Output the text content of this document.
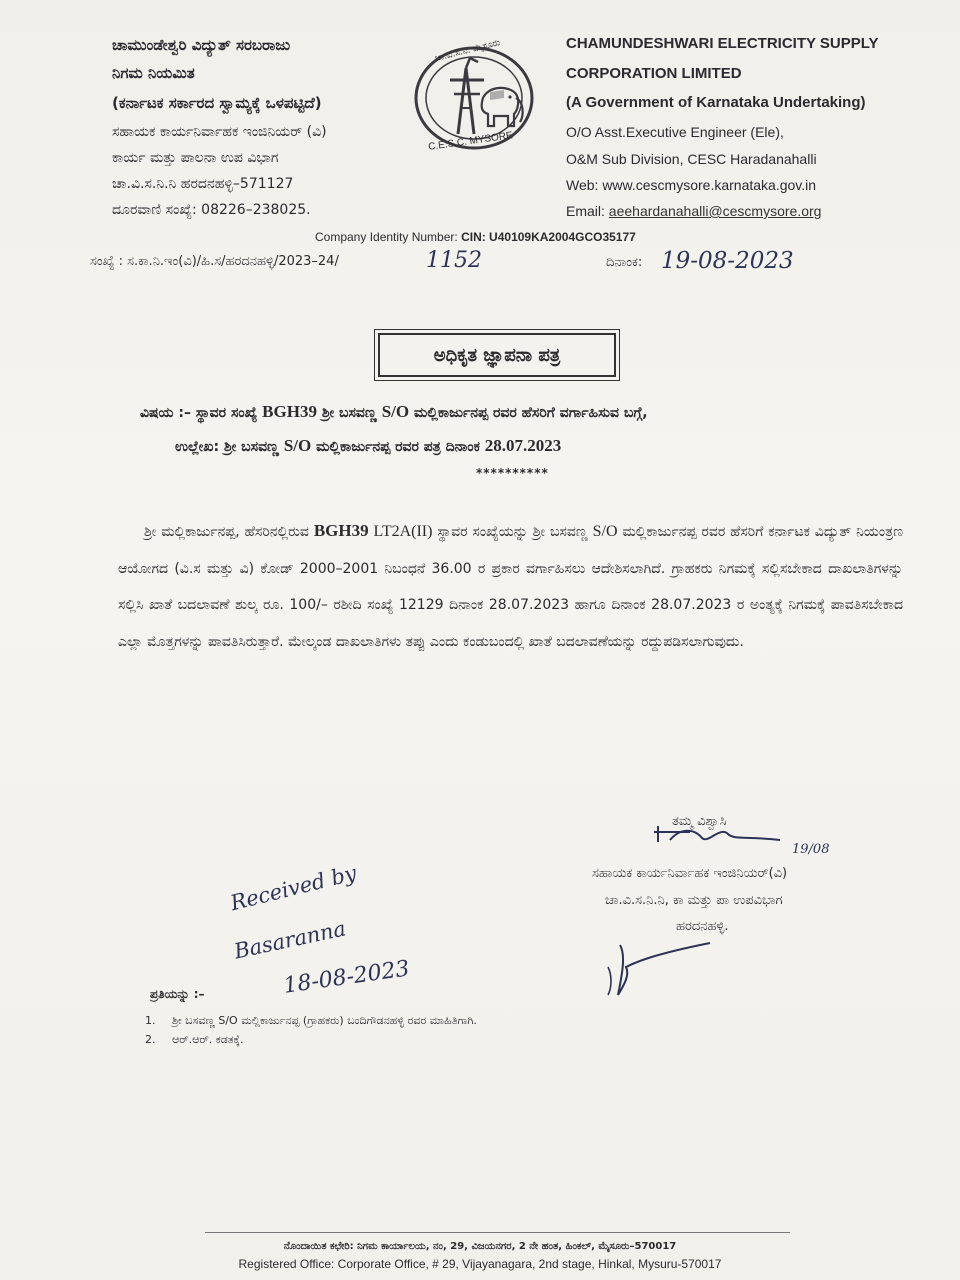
ಚಾಮುಂಡೇಶ್ವರಿ ವಿದ್ಯುತ್ ಸರಬರಾಜು
ನಿಗಮ ನಿಯಮಿತ
(ಕರ್ನಾಟಕ ಸರ್ಕಾರದ ಸ್ವಾಮ್ಯಕ್ಕೆ ಒಳಪಟ್ಟಿದೆ)
ಸಹಾಯಕ ಕಾರ್ಯನಿರ್ವಾಹಕ ಇಂಜಿನಿಯರ್ (ವಿ)
ಕಾರ್ಯ ಮತ್ತು ಪಾಲನಾ ಉಪ ವಿಭಾಗ
ಚಾ.ವಿ.ಸ.ನಿ.ನಿ ಹರದನಹಳ್ಳಿ–571127
ದೂರವಾಣಿ ಸಂಖ್ಯೆ: 08226–238025.
ಚಾ.ವಿ.ಸ.ನಿ. ಮೈಸೂರು
C.E.S.C. MYSORE
CHAMUNDESHWARI ELECTRICITY SUPPLY
CORPORATION LIMITED
(A Government of Karnataka Undertaking)
O/O Asst.Executive Engineer (Ele),
O&M Sub Division, CESC Haradanahalli
Web: www.cescmysore.karnataka.gov.in
Email: aeehardanahalli@cescmysore.org
Company Identity Number: CIN: U40109KA2004GCO35177
ಸಂಖ್ಯೆ : ಸ.ಕಾ.ನಿ.ಇಂ(ವಿ)/ಹಿ.ಸ/ಹರದನಹಳ್ಳಿ/2023–24/	1152	ದಿನಾಂಕ: 19-08-2023
ಅಧಿಕೃತ ಜ್ಞಾಪನಾ ಪತ್ರ
ವಿಷಯ :– ಸ್ಥಾವರ ಸಂಖ್ಯೆ BGH39 ಶ್ರೀ ಬಸವಣ್ಣ S/O ಮಲ್ಲಿಕಾರ್ಜುನಪ್ಪ ರವರ ಹೆಸರಿಗೆ ವರ್ಗಾಹಿಸುವ ಬಗ್ಗೆ,
ಉಲ್ಲೇಖ: ಶ್ರೀ ಬಸವಣ್ಣ S/O ಮಲ್ಲಿಕಾರ್ಜುನಪ್ಪ ರವರ ಪತ್ರ ದಿನಾಂಕ 28.07.2023
**********
ಶ್ರೀ ಮಲ್ಲಿಕಾರ್ಜುನಪ್ಪ, ಹೆಸರಿನಲ್ಲಿರುವ BGH39 LT2A(II) ಸ್ಥಾವರ ಸಂಖ್ಯೆಯನ್ನು ಶ್ರೀ ಬಸವಣ್ಣ S/O ಮಲ್ಲಿಕಾರ್ಜುನಪ್ಪ ರವರ ಹೆಸರಿಗೆ ಕರ್ನಾಟಕ ವಿದ್ಯುತ್ ನಿಯಂತ್ರಣ ಆಯೋಗದ (ವಿ.ಸ ಮತ್ತು ವಿ) ಕೋಡ್ 2000–2001 ನಿಬಂಧನೆ 36.00 ರ ಪ್ರಕಾರ ವರ್ಗಾಹಿಸಲು ಆದೇಶಿಸಲಾಗಿದೆ. ಗ್ರಾಹಕರು ನಿಗಮಕ್ಕೆ ಸಲ್ಲಿಸಬೇಕಾದ ದಾಖಲಾತಿಗಳನ್ನು ಸಲ್ಲಿಸಿ ಖಾತೆ ಬದಲಾವಣೆ ಶುಲ್ಕ ರೂ. 100/– ರಶೀದಿ ಸಂಖ್ಯೆ 12129 ದಿನಾಂಕ 28.07.2023 ಹಾಗೂ ದಿನಾಂಕ 28.07.2023 ರ ಅಂತ್ಯಕ್ಕೆ ನಿಗಮಕ್ಕೆ ಪಾವತಿಸಬೇಕಾದ ಎಲ್ಲಾ ಮೊತ್ತಗಳನ್ನು ಪಾವತಿಸಿರುತ್ತಾರೆ. ಮೇಲ್ಕಂಡ ದಾಖಲಾತಿಗಳು ತಪ್ಪು ಎಂದು ಕಂಡುಬಂದಲ್ಲಿ ಖಾತೆ ಬದಲಾವಣೆಯನ್ನು ರದ್ದುಪಡಿಸಲಾಗುವುದು.
ತಮ್ಮ ವಿಶ್ವಾಸಿ
19/08
ಸಹಾಯಕ ಕಾರ್ಯನಿರ್ವಾಹಕ ಇಂಜಿನಿಯರ್(ವಿ)
ಚಾ.ವಿ.ಸ.ನಿ.ನಿ, ಕಾ ಮತ್ತು ಪಾ ಉಪವಿಭಾಗ
ಹರದನಹಳ್ಳಿ.
Received by
Basaranna
18-08-2023
ಪ್ರತಿಯನ್ನು :–
1. ಶ್ರೀ ಬಸವಣ್ಣ S/O ಮಲ್ಲಿಕಾರ್ಜುನಪ್ಪ (ಗ್ರಾಹಕರು) ಬಂದಿಗೌಡನಹಳ್ಳಿ ರವರ ಮಾಹಿತಿಗಾಗಿ.
2. ಆರ್.ಆರ್. ಕಡತಕ್ಕೆ.
ನೊಂದಾಯಿತ ಕಛೇರಿ: ನಿಗಮ ಕಾರ್ಯಾಲಯ, ನಂ, 29, ವಿಜಯನಗರ, 2 ನೇ ಹಂತ, ಹಿಂಕಲ್, ಮೈಸೂರು–570017
Registered Office: Corporate Office, # 29, Vijayanagara, 2nd stage, Hinkal, Mysuru-570017
